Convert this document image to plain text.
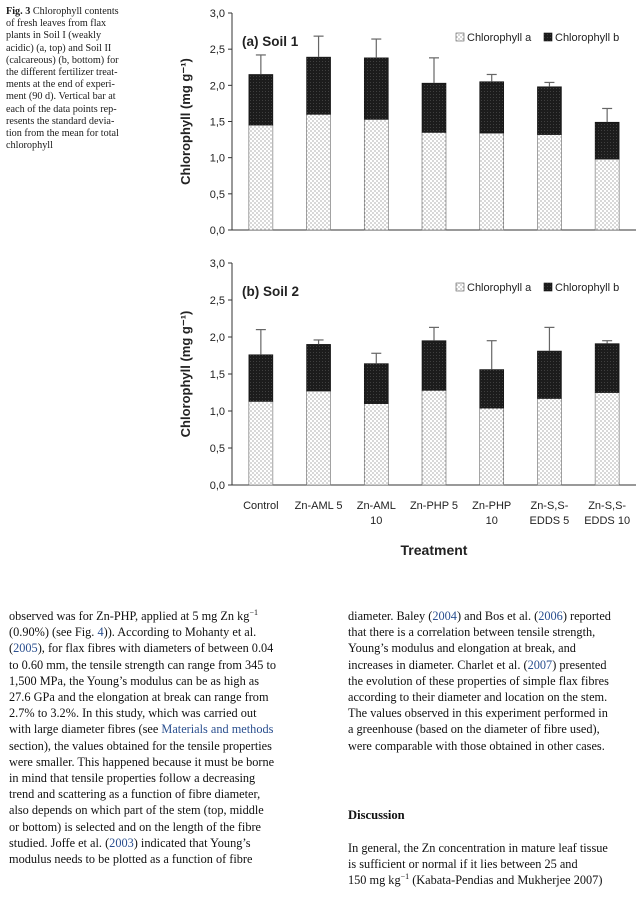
Fig. 3 Chlorophyll contents
of fresh leaves from flax
plants in Soil I (weakly
acidic) (a, top) and Soil II
(calcareous) (b, bottom) for
the different fertilizer treat-
ments at the end of experi-
ment (90 d). Vertical bar at
each of the data points rep-
resents the standard devia-
tion from the mean for total
chlorophyll
0,0
0,5
1,0
1,5
2,0
2,5
3,0
Chlorophyll (mg g⁻¹)
(a) Soil 1	Chlorophyll a Chlorophyll b
0,0
0,5
1,0
1,5
2,0
2,5
3,0
Chlorophyll (mg g⁻¹)
(b) Soil 2	Chlorophyll a Chlorophyll b
Control Zn-AML 5 Zn-AML 10
Zn-PHP 5 Zn-PHP 10
Zn-S,S-EDDS 5
Zn-S,S-EDDS 10
Treatment
observed was for Zn-PHP, applied at 5 mg Zn $kg^{-1}$
(0.90%) (see Fig. 4)). According to Mohanty et al.
(2005), for flax fibres with diameters of between 0.04
to 0.60 mm, the tensile strength can range from 345 to
1,500 MPa, the Young’s modulus can be as high as
27.6 GPa and the elongation at break can range from
2.7% to 3.2%. In this study, which was carried out
with large diameter fibres (see Materials and methods
section), the values obtained for the tensile properties
were smaller. This happened because it must be borne
in mind that tensile properties follow a decreasing
trend and scattering as a function of fibre diameter,
also depends on which part of the stem (top, middle
or bottom) is selected and on the length of the fibre
studied. Joffe et al. (2003) indicated that Young’s
modulus needs to be plotted as a function of fibre
diameter. Baley (2004) and Bos et al. (2006) reported
that there is a correlation between tensile strength,
Young’s modulus and elongation at break, and
increases in diameter. Charlet et al. (2007) presented
the evolution of these properties of simple flax fibres
according to their diameter and location on the stem.
The values observed in this experiment performed in
a greenhouse (based on the diameter of fibre used),
were comparable with those obtained in other cases.
Discussion
In general, the Zn concentration in mature leaf tissue
is sufficient or normal if it lies between 25 and
150 mg $kg^{-1}$ (Kabata-Pendias and Mukherjee 2007)
